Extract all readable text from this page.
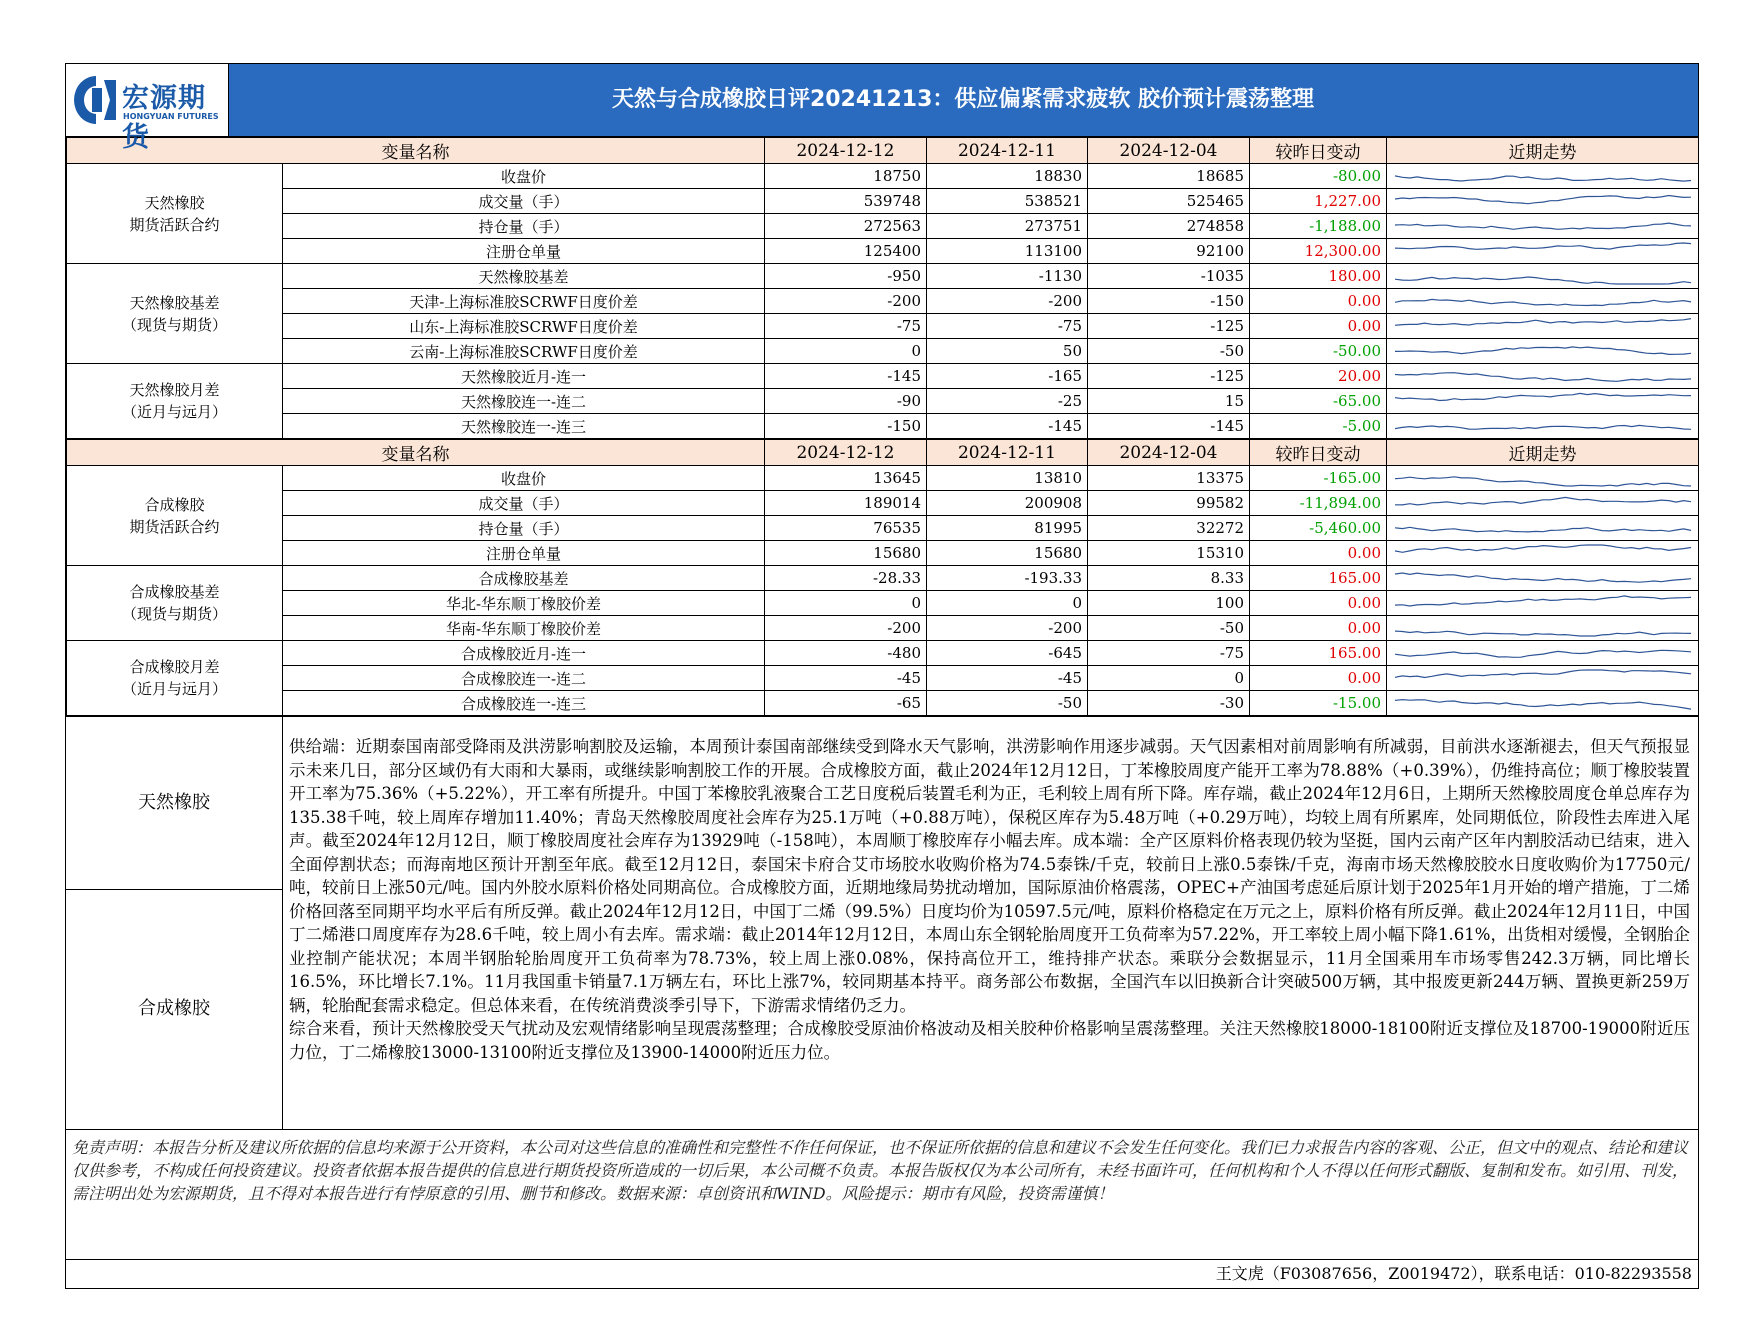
宏源期货
HONGYUAN FUTURES
天然与合成橡胶日评20241213：供应偏紧需求疲软 胶价预计震荡整理
变量名称		2024-12-12	2024-12-11	2024-12-04	较昨日变动	近期走势
天然橡胶
期货活跃合约	收盘价	18750	18830	18685	-80.00	

	成交量（手）	539748	538521	525465	1,227.00	

	持仓量（手）	272563	273751	274858	-1,188.00	

	注册仓单量	125400	113100	92100	12,300.00	

天然橡胶基差
（现货与期货）	天然橡胶基差	-950	-1130	-1035	180.00	

	天津-上海标准胶SCRWF日度价差	-200	-200	-150	0.00	

	山东-上海标准胶SCRWF日度价差	-75	-75	-125	0.00	

	云南-上海标准胶SCRWF日度价差	0	50	-50	-50.00	

天然橡胶月差
（近月与远月）	天然橡胶近月-连一	-145	-165	-125	20.00	

	天然橡胶连一-连二	-90	-25	15	-65.00	

	天然橡胶连一-连三	-150	-145	-145	-5.00	
变量名称		2024-12-12	2024-12-11	2024-12-04	较昨日变动	近期走势
合成橡胶
期货活跃合约	收盘价	13645	13810	13375	-165.00	

	成交量（手）	189014	200908	99582	-11,894.00	

	持仓量（手）	76535	81995	32272	-5,460.00	

	注册仓单量	15680	15680	15310	0.00	

合成橡胶基差
（现货与期货）	合成橡胶基差	-28.33	-193.33	8.33	165.00	

	华北-华东顺丁橡胶价差	0	0	100	0.00	

	华南-华东顺丁橡胶价差	-200	-200	-50	0.00	

合成橡胶月差
（近月与远月）	合成橡胶近月-连一	-480	-645	-75	165.00	

	合成橡胶连一-连二	-45	-45	0	0.00	

	合成橡胶连一-连三	-65	-50	-30	-15.00	
天然橡胶
合成橡胶
供给端：近期泰国南部受降雨及洪涝影响割胶及运输，本周预计泰国南部继续受到降水天气影响，洪涝影响作用逐步减弱。天气因素相对前周影响有所减弱，目前洪水逐渐褪去，但天气预报显示未来几日，部分区域仍有大雨和大暴雨，或继续影响割胶工作的开展。合成橡胶方面，截止2024年12月12日，丁苯橡胶周度产能开工率为78.88%（+0.39%），仍维持高位；顺丁橡胶装置开工率为75.36%（+5.22%），开工率有所提升。中国丁苯橡胶乳液聚合工艺日度税后装置毛利为正，毛利较上周有所下降。库存端，截止2024年12月6日，上期所天然橡胶周度仓单总库存为135.38千吨，较上周库存增加11.40%；青岛天然橡胶周度社会库存为25.1万吨（+0.88万吨），保税区库存为5.48万吨（+0.29万吨），均较上周有所累库，处同期低位，阶段性去库进入尾声。截至2024年12月12日，顺丁橡胶周度社会库存为13929吨（-158吨），本周顺丁橡胶库存小幅去库。成本端：全产区原料价格表现仍较为坚挺，国内云南产区年内割胶活动已结束，进入全面停割状态；而海南地区预计开割至年底。截至12月12日，泰国宋卡府合艾市场胶水收购价格为74.5泰铢/千克，较前日上涨0.5泰铢/千克，海南市场天然橡胶胶水日度收购价为17750元/吨，较前日上涨50元/吨。国内外胶水原料价格处同期高位。合成橡胶方面，近期地缘局势扰动增加，国际原油价格震荡，OPEC+产油国考虑延后原计划于2025年1月开始的增产措施，丁二烯价格回落至同期平均水平后有所反弹。截止2024年12月12日，中国丁二烯（99.5%）日度均价为10597.5元/吨，原料价格稳定在万元之上，原料价格有所反弹。截止2024年12月11日，中国丁二烯港口周度库存为28.6千吨，较上周小有去库。需求端：截止2014年12月12日，本周山东全钢轮胎周度开工负荷率为57.22%，开工率较上周小幅下降1.61%，出货相对缓慢，全钢胎企业控制产能状况；本周半钢胎轮胎周度开工负荷率为78.73%，较上周上涨0.08%，保持高位开工，维持排产状态。乘联分会数据显示，11月全国乘用车市场零售242.3万辆，同比增长16.5%，环比增长7.1%。11月我国重卡销量7.1万辆左右，环比上涨7%，较同期基本持平。商务部公布数据，全国汽车以旧换新合计突破500万辆，其中报废更新244万辆、置换更新259万辆，轮胎配套需求稳定。但总体来看，在传统消费淡季引导下，下游需求情绪仍乏力。
综合来看，预计天然橡胶受天气扰动及宏观情绪影响呈现震荡整理；合成橡胶受原油价格波动及相关胶种价格影响呈震荡整理。关注天然橡胶18000-18100附近支撑位及18700-19000附近压力位，丁二烯橡胶13000-13100附近支撑位及13900-14000附近压力位。
免责声明：本报告分析及建议所依据的信息均来源于公开资料，本公司对这些信息的准确性和完整性不作任何保证，也不保证所依据的信息和建议不会发生任何变化。我们已力求报告内容的客观、公正，但文中的观点、结论和建议仅供参考，不构成任何投资建议。投资者依据本报告提供的信息进行期货投资所造成的一切后果，本公司概不负责。本报告版权仅为本公司所有，未经书面许可，任何机构和个人不得以任何形式翻版、复制和发布。如引用、刊发，需注明出处为宏源期货，且不得对本报告进行有悖原意的引用、删节和修改。数据来源：卓创资讯和WIND。风险提示：期市有风险，投资需谨慎！
王文虎（F03087656，Z0019472），联系电话：010-82293558
